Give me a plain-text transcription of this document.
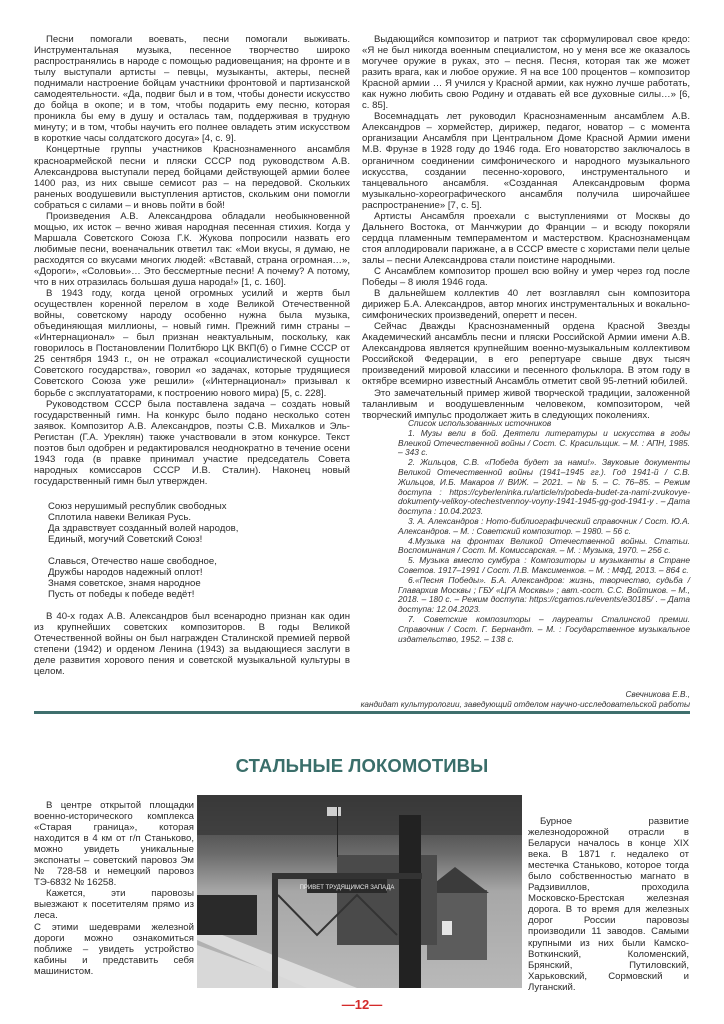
Песни помогали воевать, песни помогали выживать. Инструментальная музыка, песенное творчество широко распространялись в народе с помощью радиовещания; на фронте и в тылу выступали артисты – певцы, музыканты, актеры, песней поднимали настроение бойцам участники фронтовой и партизанской самодеятельности. «Да, подвиг был и в том, чтобы донести искусство до бойца в окопе; и в том, чтобы подарить ему песню, которая проникла бы ему в душу и осталась там, поддерживая в трудную минуту; и в том, чтобы научить его полнее овладеть этим искусством в короткие часы солдатского досуга» [4, с. 9].

Концертные группы участников Краснознаменного ансамбля красноармейской песни и пляски СССР под руководством А.В. Александрова выступали перед бойцами действующей армии более 1400 раз, из них свыше семисот раз – на передовой. Скольких раненых воодушевили выступления артистов, скольким они помогли собраться с силами – и вновь пойти в бой!

Произведения А.В. Александрова обладали необыкновенной мощью, их исток – вечно живая народная песенная стихия. Когда у Маршала Советского Союза Г.К. Жукова попросили назвать его любимые песни, военачальник ответил так: «Мои вкусы, я думаю, не расходятся со вкусами многих людей: «Вставай, страна огромная…», «Дороги», «Соловьи»… Это бессмертные песни! А почему? А потому, что в них отразилась большая душа народа!» [1, с. 160].

В 1943 году, когда ценой огромных усилий и жертв был осуществлен коренной перелом в ходе Великой Отечественной войны, советскому народу особенно нужна была музыка, объединяющая миллионы, – новый гимн. Прежний гимн страны – «Интернационал» – был признан неактуальным, поскольку, как говорилось в Постановлении Политбюро ЦК ВКП(б) о Гимне СССР от 25 сентября 1943 г., он не отражал «социалистической сущности Советского государства», говорил «о задачах, которые трудящиеся Советского Союза уже решили» («Интернационал» призывал к борьбе с эксплуататорами, к построению нового мира) [5, с. 228].

Руководством СССР была поставлена задача – создать новый государственный гимн. На конкурс было подано несколько сотен заявок. Композитор А.В. Александров, поэты С.В. Михалков и Эль-Регистан (Г.А. Уреклян) также участвовали в этом конкурсе. Текст поэтов был одобрен и редактировался неоднократно в течение осени 1943 года (в правке принимал участие председатель Совета народных комиссаров СССР И.В. Сталин). Наконец новый государственный гимн был утвержден.

Союз нерушимый республик свободных
Сплотила навеки Великая Русь.
Да здравствует созданный волей народов,
Единый, могучий Советский Союз!
Славься, Отечество наше свободное,
Дружбы народов надежный оплот!
Знамя советское, знамя народное
Пусть от победы к победе ведёт!

В 40-х годах А.В. Александров был всенародно признан как один из крупнейших советских композиторов. В годы Великой Отечественной войны он был награжден Сталинской премией первой степени (1942) и орденом Ленина (1943) за выдающиеся заслуги в деле развития хорового пения и советской музыкальной культуры в целом.

Выдающийся композитор и патриот так сформулировал свое кредо: «Я не был никогда военным специалистом, но у меня все же оказалось могучее оружие в руках, это – песня. Песня, которая так же может разить врага, как и любое оружие. Я на все 100 процентов – композитор Красной армии … Я учился у Красной армии, как нужно лучше работать, как нужно любить свою Родину и отдавать ей все духовные силы…» [6, с. 85].

Восемнадцать лет руководил Краснознаменным ансамблем А.В. Александров – хормейстер, дирижер, педагог, новатор – с момента организации Ансамбля при Центральном Доме Красной Армии имени М.В. Фрунзе в 1928 году до 1946 года. Его новаторство заключалось в органичном соединении симфонического и народного музыкального искусства, создании песенно-хорового, инструментального и танцевального ансамбля. «Созданная Александровым форма музыкально-хореографического ансамбля получила широчайшее распространение» [7, с. 5].

Артисты Ансамбля проехали с выступлениями от Москвы до Дальнего Востока, от Манчжурии до Франции – и всюду покоряли сердца пламенным темпераментом и мастерством. Краснознаменцам стоя аплодировали парижане, а в СССР вместе с хористами пели целые залы – песни Александрова стали поистине народными.

С Ансамблем композитор прошел всю войну и умер через год после Победы – 8 июля 1946 года.

В дальнейшем коллектив 40 лет возглавлял сын композитора дирижер Б.А. Александров, автор многих инструментальных и вокально-симфонических произведений, оперетт и песен.

Сейчас Дважды Краснознаменный ордена Красной Звезды Академический ансамбль песни и пляски Российской Армии имени А.В. Александрова является крупнейшим военно-музыкальным коллективом Российской Федерации, в его репертуаре свыше двух тысяч произведений мировой классики и песенного фольклора. В этом году в октябре всемирно известный Ансамбль отметит свой 95-летний юбилей.

Это замечательный пример живой творческой традиции, заложенной таланливым и воодушевленным человеком, композитором, чей творческий импульс продолжает жить в следующих поколениях.

Список использованных источников

1. Музы вели в бой. Деятели литературы и искусства в годы Влеикой Отечественной войны / Сост. С. Красильщик. – М. : АПН, 1985. – 343 с.

2. Жильцов, С.В. «Победа будет за нами!». Звуковые документы Великой Отечественной войны (1941–1945 гг.). Год 1941-й / С.В. Жильцов, И.Б. Макаров // ВИЖ. – 2021. – № 5. – С. 76–85. – Режим доступа : https://cyberleninka.ru/article/n/pobeda-budet-za-nami-zvukovye-dokumenty-velikoy-otechestvennoy-voyny-1941-1945-gg-god-1941-y . – Дата доступа : 10.04.2023.

3. А. Александров : Ното-библиографический справочник / Сост. Ю.А. Александров. – М. : Советский композитор. – 1980. – 56 с.

4.Музыка на фронтах Великой Отечественной войны. Статьи. Воспоминания / Сост. М. Комиссарская. – М. : Музыка, 1970. – 256 с.

5. Музыка вместо сумбура : Композиторы и музыканты в Стране Советов. 1917–1991 / Сост. Л.В. Максименков. – М. : МФД, 2013. – 864 с.

6.«Песня Победы». Б.А. Александров: жизнь, творчество, судьба / Главархив Москвы ; ГБУ «ЦГА Москвы» ; авт.-сост. С.С. Войтиков. – М., 2018. – 180 с. – Режим доступа: https://cgamos.ru/events/e30185/ . – Дата доступа: 12.04.2023.

7. Советские композиторы – лауреаты Сталинской премии. Справочник / Сост. Г. Бернандт. – М. : Государственное музыкальное издательство, 1952. – 138 с.

Свечникова Е.В.,
кандидат культурологии, заведующий отделом научно-исследовательской работы
СТАЛЬНЫЕ ЛОКОМОТИВЫ

В центре открытой площадки военно-исторического комплекса «Старая граница», которая находится в 4 км от г/п Станьково, можно увидеть уникальные экспонаты – советский паровоз Эм № 728-58 и немецкий паровоз ТЭ-6832 № 16258.

Кажется, эти паровозы выезжают к посетителям прямо из леса.

С этими шедеврами железной дороги можно ознакомиться поближе – увидеть устройство кабины и представить себя машинистом.

ПРИВЕТ ТРУДЯЩИМСЯ ЗАПАДА

Бурное развитие железнодорожной отрасли в Беларуси началось в конце XIX века. В 1871 г. недалеко от местечка Станьково, которое тогда было собственностью магнато в Радзивиллов, проходила Московско-Брестская железная дорога. В то время для железных дорог России паровозы производили 11 заводов. Самыми крупными из них были Камско-Воткинский, Коломенский, Брянский, Путиловский, Харьковский, Сормовский и Луганский.

—12—
